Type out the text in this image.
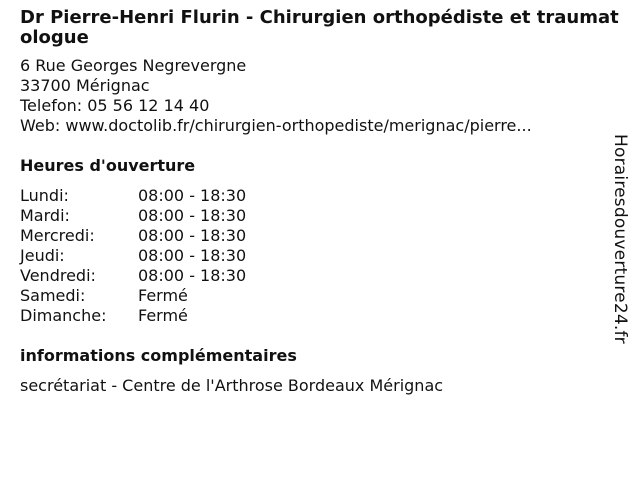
Dr Pierre-Henri Flurin - Chirurgien orthopédiste et traumatologue
6 Rue Georges Negrevergne
33700 Mérignac
Telefon: 05 56 12 14 40
Web: www.doctolib.fr/chirurgien-orthopediste/merignac/pierre...
Heures d'ouverture
Lundi:	08:00 - 18:30
Mardi:	08:00 - 18:30
Mercredi:	08:00 - 18:30
Jeudi:	08:00 - 18:30
Vendredi:	08:00 - 18:30
Samedi:	Fermé
Dimanche:	Fermé
informations complémentaires
secrétariat - Centre de l'Arthrose Bordeaux Mérignac
Horairesdouverture24.fr
